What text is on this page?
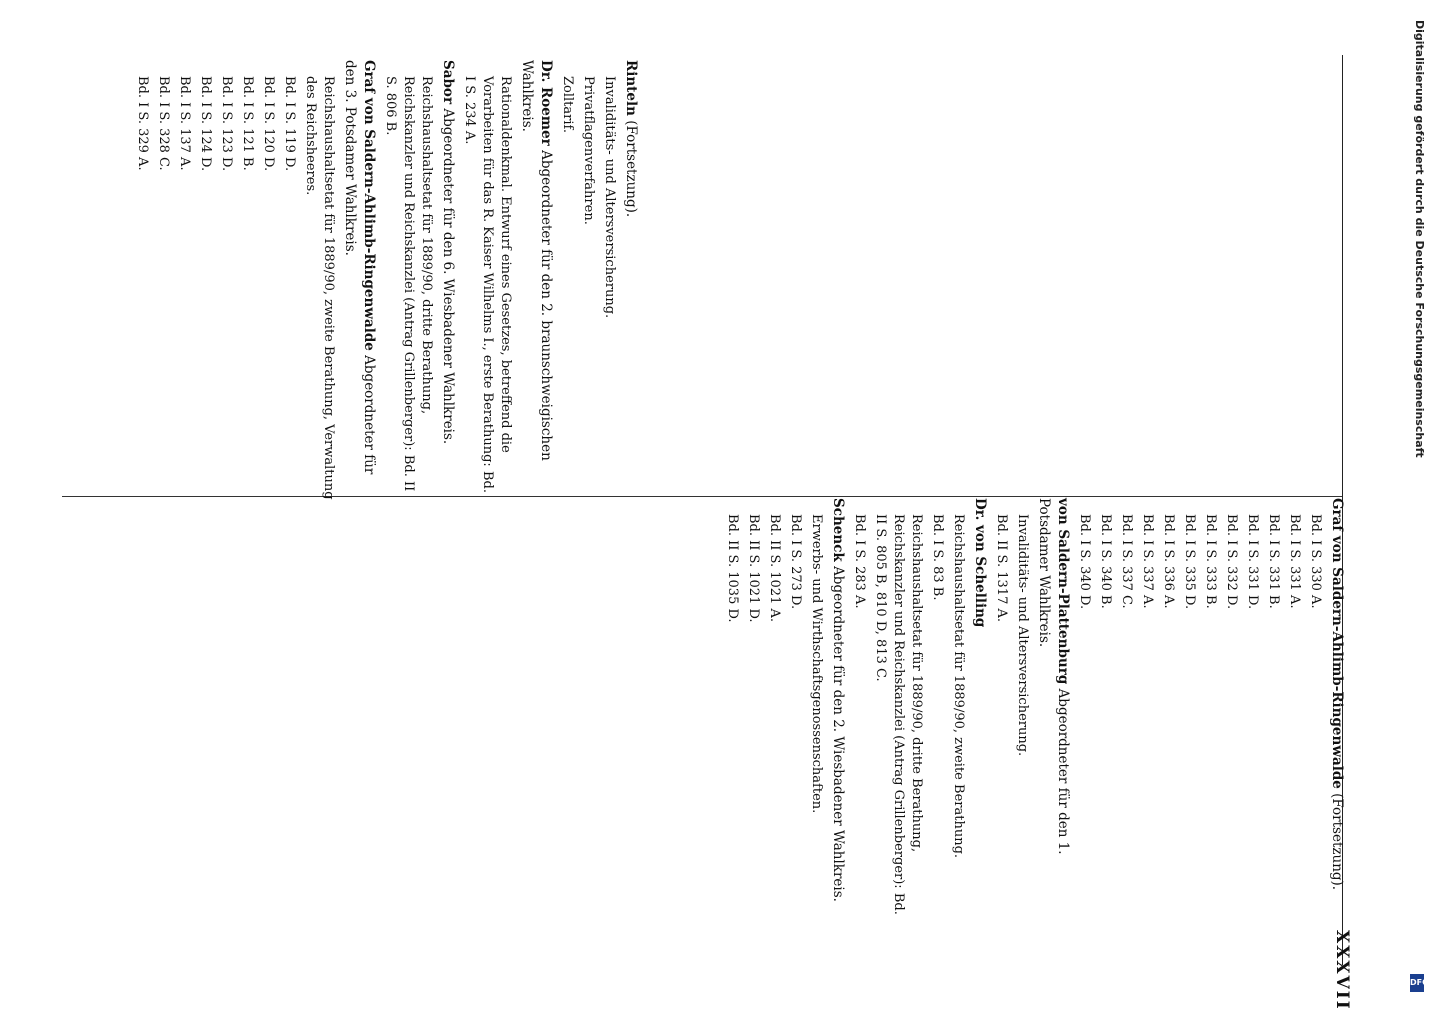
XXXVII
Rinteln (Fortsetzung).
Invaliditäts- und Altersversicherung.
Privatflagenverfahren.
Zolltarif.
Dr. Roemer Abgeordneter für den 2. braunschweigischen Wahlkreis.
Rationaldenkmal. Entwurf eines Gesetzes, betreffend die Vorarbeiten für das R. Kaiser Wilhelms I., erste Berathung: Bd. I S. 234 A.
Sabor Abgeordneter für den 6. Wiesbadener Wahlkreis.
Reichshaushaltsetat für 1889/90, dritte Berathung, Reichskanzler und Reichskanzlei (Antrag Grillenberger): Bd. II S. 806 B.
Graf von Saldern-Ahlimb-Ringenwalde Abgeordneter für den 3. Potsdamer Wahlkreis.
Reichshaushaltsetat für 1889/90, zweite Berathung, Verwaltung des Reichsheeres.
Bd. I S. 119 D.
Bd. I S. 120 D.
Bd. I S. 121 B.
Bd. I S. 123 D.
Bd. I S. 124 D.
Bd. I S. 137 A.
Bd. I S. 328 C.
Bd. I S. 329 A.
Graf von Saldern-Ahlimb-Ringenwalde (Fortsetzung).
Bd. I S. 330 A.
Bd. I S. 331 A.
Bd. I S. 331 B.
Bd. I S. 331 D.
Bd. I S. 332 D.
Bd. I S. 333 B.
Bd. I S. 335 D.
Bd. I S. 336 A.
Bd. I S. 337 A.
Bd. I S. 337 C.
Bd. I S. 340 B.
Bd. I S. 340 D.
von Saldern-Plattenburg Abgeordneter für den 1. Potsdamer Wahlkreis.
Invaliditäts- und Altersversicherung.
Bd. II S. 1317 A.
Dr. von Schelling
Reichshaushaltsetat für 1889/90, zweite Berathung.
Bd. I S. 83 B.
Reichshaushaltsetat für 1889/90, dritte Berathung, Reichskanzler und Reichskanzlei (Antrag Grillenberger): Bd. II S. 805 B, 810 D, 813 C.
Bd. I S. 283 A.
Schenck Abgeordneter für den 2. Wiesbadener Wahlkreis.
Erwerbs- und Wirthschaftsgenossenschaften.
Bd. I S. 273 D.
Bd. II S. 1021 A.
Bd. II S. 1021 D.
Bd. II S. 1035 D.
Digitalisierung gefördert durch die Deutsche Forschungsgemeinschaft
DFG
